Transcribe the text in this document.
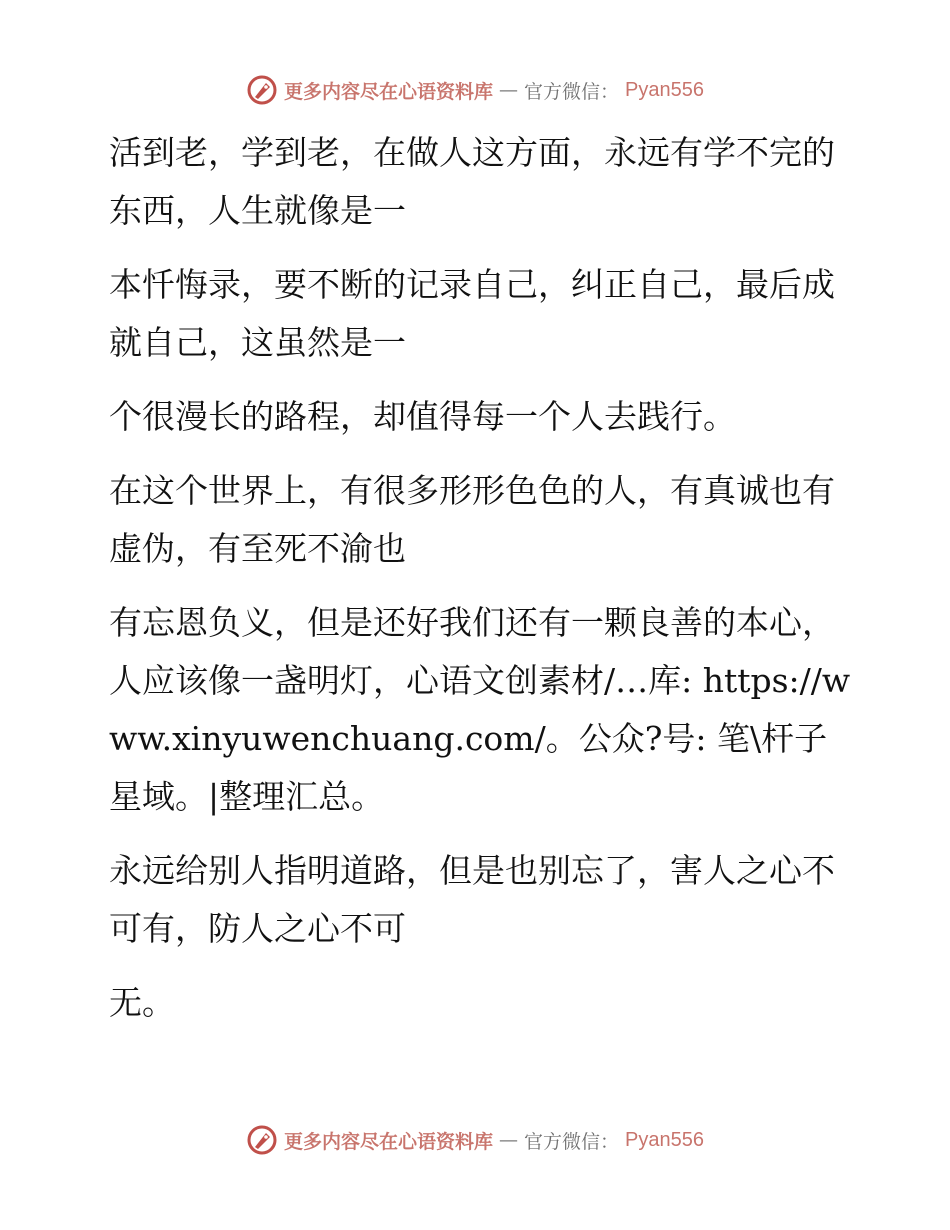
更多内容尽在心语资料库 — 官方微信： Pyan556

活到老，学到老，在做人这方面，永远有学不完的东西，人生就像是一

本忏悔录，要不断的记录自己，纠正自己，最后成就自己，这虽然是一

个很漫长的路程，却值得每一个人去践行。

在这个世界上，有很多形形色色的人，有真诚也有虚伪，有至死不渝也

有忘恩负义，但是还好我们还有一颗良善的本心，人应该像一盏明灯，心语文创素材/…库: https://www.xinyuwenchuang.com/。公众?号: 笔\杆子星域。|整理汇总。

永远给别人指明道路，但是也别忘了，害人之心不可有，防人之心不可

无。

更多内容尽在心语资料库 — 官方微信： Pyan556
